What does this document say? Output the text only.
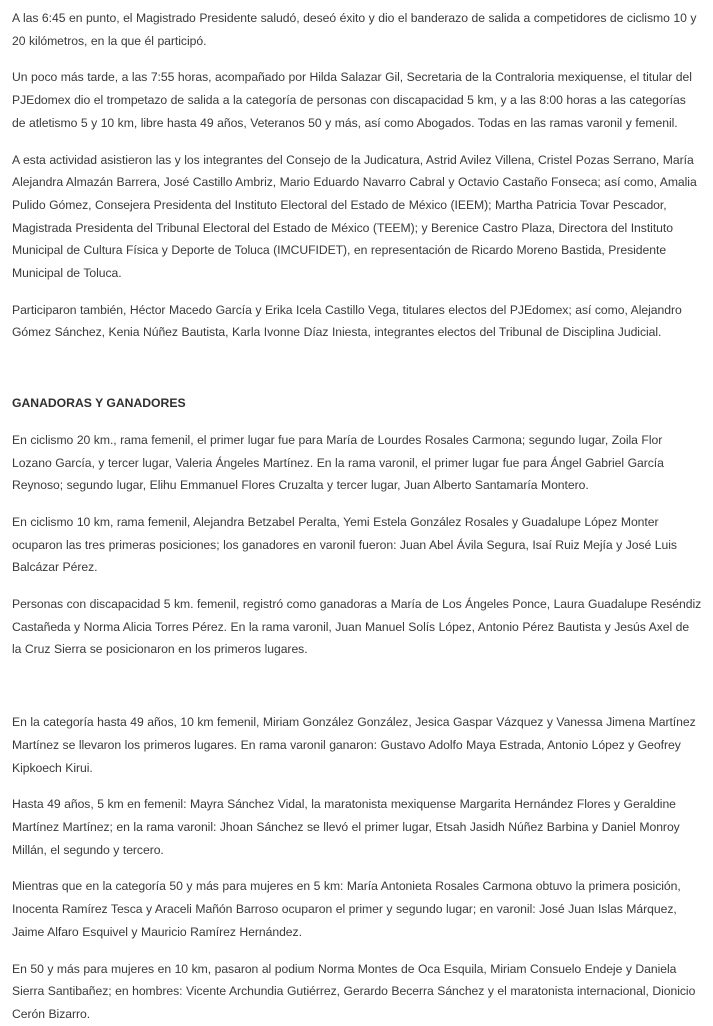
A las 6:45 en punto, el Magistrado Presidente saludó, deseó éxito y dio el banderazo de salida a competidores de ciclismo 10 y 20 kilómetros, en la que él participó.

Un poco más tarde, a las 7:55 horas, acompañado por Hilda Salazar Gil, Secretaria de la Contraloria mexiquense, el titular del PJEdomex dio el trompetazo de salida a la categoría de personas con discapacidad 5 km, y a las 8:00 horas a las categorías de atletismo 5 y 10 km, libre hasta 49 años, Veteranos 50 y más, así como Abogados. Todas en las ramas varonil y femenil.

A esta actividad asistieron las y los integrantes del Consejo de la Judicatura, Astrid Avilez Villena, Cristel Pozas Serrano, María Alejandra Almazán Barrera, José Castillo Ambriz, Mario Eduardo Navarro Cabral y Octavio Castaño Fonseca; así como, Amalia Pulido Gómez, Consejera Presidenta del Instituto Electoral del Estado de México (IEEM); Martha Patricia Tovar Pescador, Magistrada Presidenta del Tribunal Electoral del Estado de México (TEEM); y Berenice Castro Plaza, Directora del Instituto Municipal de Cultura Física y Deporte de Toluca (IMCUFIDET), en representación de Ricardo Moreno Bastida, Presidente Municipal de Toluca.

Participaron también, Héctor Macedo García y Erika Icela Castillo Vega, titulares electos del PJEdomex; así como, Alejandro Gómez Sánchez, Kenia Núñez Bautista, Karla Ivonne Díaz Iniesta, integrantes electos del Tribunal de Disciplina Judicial.

GANADORAS Y GANADORES

En ciclismo 20 km., rama femenil, el primer lugar fue para María de Lourdes Rosales Carmona; segundo lugar, Zoila Flor Lozano García, y tercer lugar, Valeria Ángeles Martínez. En la rama varonil, el primer lugar fue para Ángel Gabriel García Reynoso; segundo lugar, Elihu Emmanuel Flores Cruzalta y tercer lugar, Juan Alberto Santamaría Montero.

En ciclismo 10 km, rama femenil, Alejandra Betzabel Peralta, Yemi Estela González Rosales y Guadalupe López Monter ocuparon las tres primeras posiciones; los ganadores en varonil fueron: Juan Abel Ávila Segura, Isaí Ruiz Mejía y José Luis Balcázar Pérez.

Personas con discapacidad 5 km. femenil, registró como ganadoras a María de Los Ángeles Ponce, Laura Guadalupe Reséndiz Castañeda y Norma Alicia Torres Pérez. En la rama varonil, Juan Manuel Solís López, Antonio Pérez Bautista y Jesús Axel de la Cruz Sierra se posicionaron en los primeros lugares.

En la categoría hasta 49 años, 10 km femenil, Miriam González González, Jesica Gaspar Vázquez y Vanessa Jimena Martínez Martínez se llevaron los primeros lugares. En rama varonil ganaron: Gustavo Adolfo Maya Estrada, Antonio López y Geofrey Kipkoech Kirui.

Hasta 49 años, 5 km en femenil: Mayra Sánchez Vidal, la maratonista mexiquense Margarita Hernández Flores y Geraldine Martínez Martínez; en la rama varonil: Jhoan Sánchez se llevó el primer lugar, Etsah Jasidh Núñez Barbina y Daniel Monroy Millán, el segundo y tercero.

Mientras que en la categoría 50 y más para mujeres en 5 km: María Antonieta Rosales Carmona obtuvo la primera posición, Inocenta Ramírez Tesca y Araceli Mañón Barroso ocuparon el primer y segundo lugar; en varonil: José Juan Islas Márquez, Jaime Alfaro Esquivel y Mauricio Ramírez Hernández.

En 50 y más para mujeres en 10 km, pasaron al podium Norma Montes de Oca Esquila, Miriam Consuelo Endeje y Daniela Sierra Santibañez; en hombres: Vicente Archundia Gutiérrez, Gerardo Becerra Sánchez y el maratonista internacional, Dionicio Cerón Bizarro.
